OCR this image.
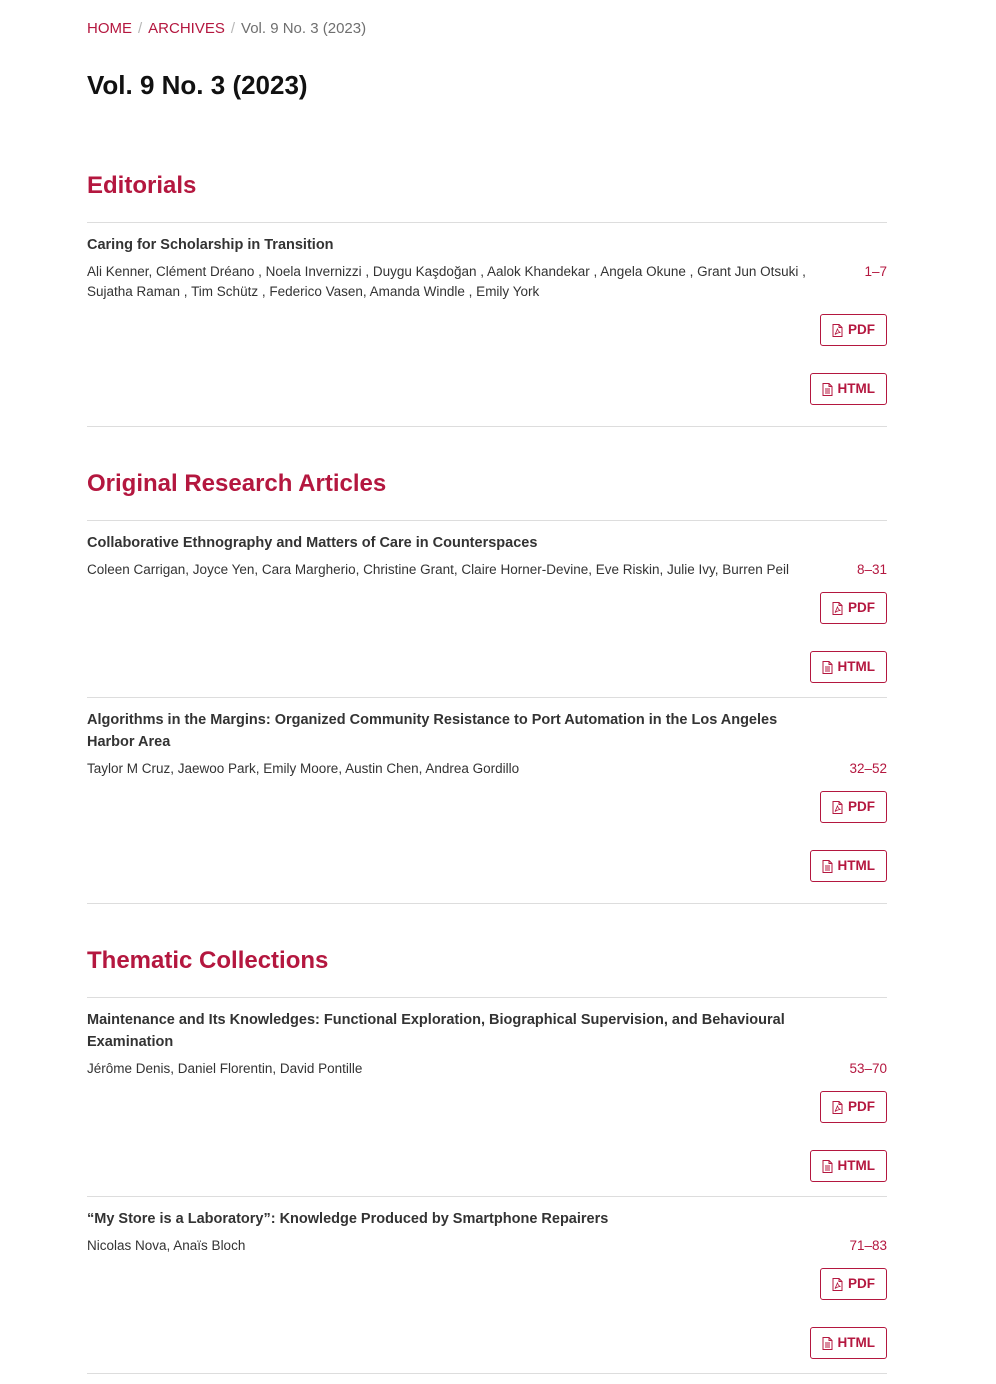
HOME / ARCHIVES / Vol. 9 No. 3 (2023)
Vol. 9 No. 3 (2023)
Editorials
Caring for Scholarship in Transition
Ali Kenner, Clément Dréano , Noela Invernizzi , Duygu Kaşdoğan , Aalok Khandekar , Angela Okune , Grant Jun Otsuki , Sujatha Raman , Tim Schütz , Federico Vasen, Amanda Windle , Emily York
1–7
PDF
HTML
Original Research Articles
Collaborative Ethnography and Matters of Care in Counterspaces
Coleen Carrigan, Joyce Yen, Cara Margherio, Christine Grant, Claire Horner-Devine, Eve Riskin, Julie Ivy, Burren Peil	8–31
PDF
HTML
Algorithms in the Margins: Organized Community Resistance to Port Automation in the Los Angeles Harbor Area
Taylor M Cruz, Jaewoo Park, Emily Moore, Austin Chen, Andrea Gordillo	32–52
PDF
HTML
Thematic Collections
Maintenance and Its Knowledges: Functional Exploration, Biographical Supervision, and Behavioural Examination
Jérôme Denis, Daniel Florentin, David Pontille	53–70
PDF
HTML
“My Store is a Laboratory”: Knowledge Produced by Smartphone Repairers
Nicolas Nova, Anaïs Bloch	71–83
PDF
HTML
